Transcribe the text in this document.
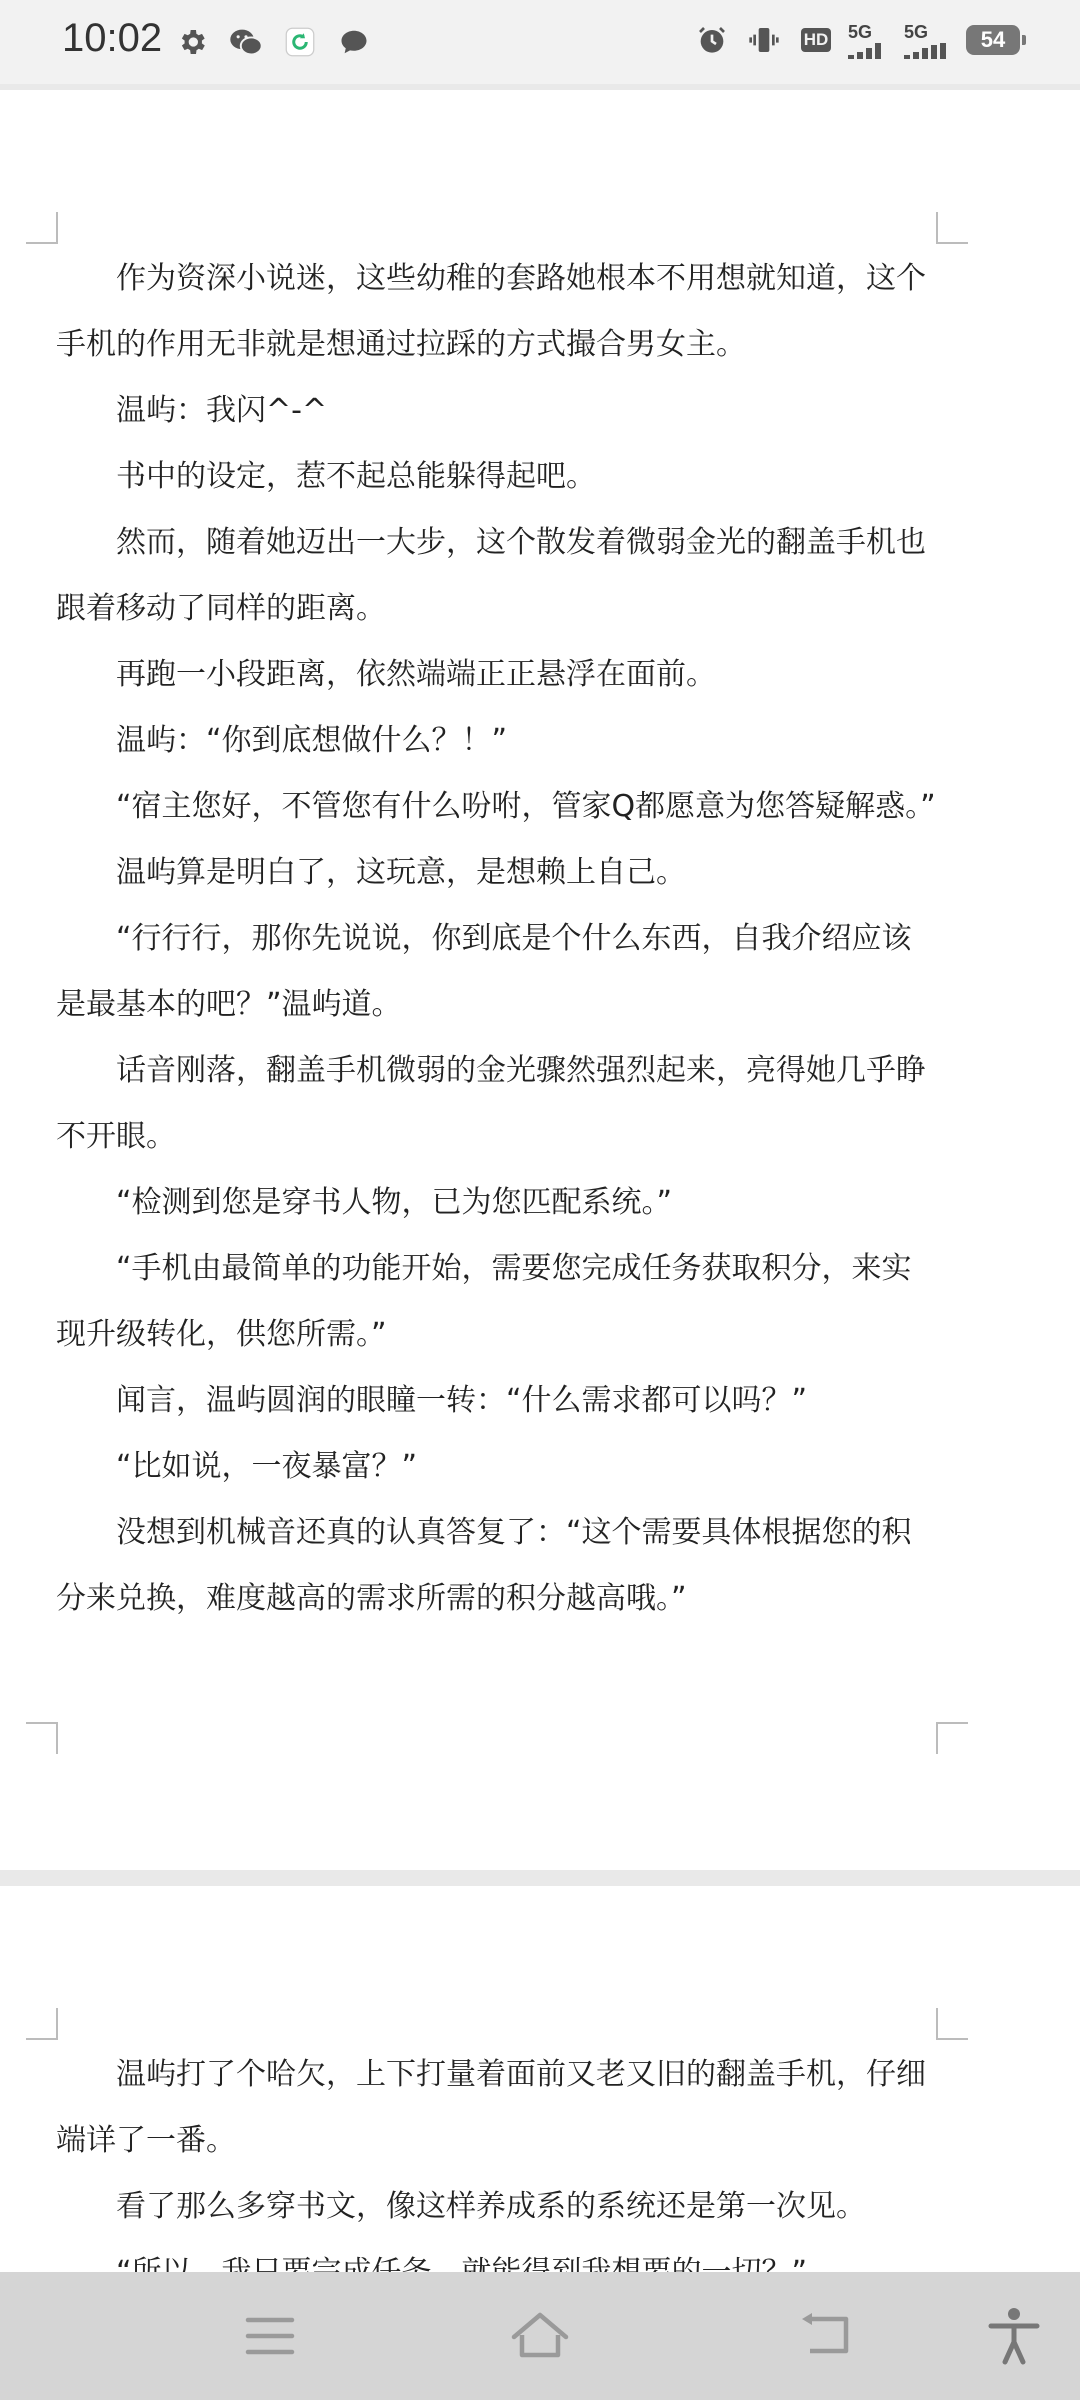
10:02	HD 5G 5G	54

作为资深小说迷，这些幼稚的套路她根本不用想就知道，这个手机的作用无非就是想通过拉踩的方式撮合男女主。

温屿：我闪^-^

书中的设定，惹不起总能躲得起吧。

然而，随着她迈出一大步，这个散发着微弱金光的翻盖手机也跟着移动了同样的距离。

再跑一小段距离，依然端端正正悬浮在面前。

温屿：“你到底想做什么？！”

“宿主您好，不管您有什么吩咐，管家Q都愿意为您答疑解惑。”

温屿算是明白了，这玩意，是想赖上自己。

“行行行，那你先说说，你到底是个什么东西，自我介绍应该是最基本的吧？”温屿道。

话音刚落，翻盖手机微弱的金光骤然强烈起来，亮得她几乎睁不开眼。

“检测到您是穿书人物，已为您匹配系统。”

“手机由最简单的功能开始，需要您完成任务获取积分，来实现升级转化，供您所需。”

闻言，温屿圆润的眼瞳一转：“什么需求都可以吗？”

“比如说，一夜暴富？”

没想到机械音还真的认真答复了：“这个需要具体根据您的积分来兑换，难度越高的需求所需的积分越高哦。”

温屿打了个哈欠，上下打量着面前又老又旧的翻盖手机，仔细端详了一番。

看了那么多穿书文，像这样养成系的系统还是第一次见。
